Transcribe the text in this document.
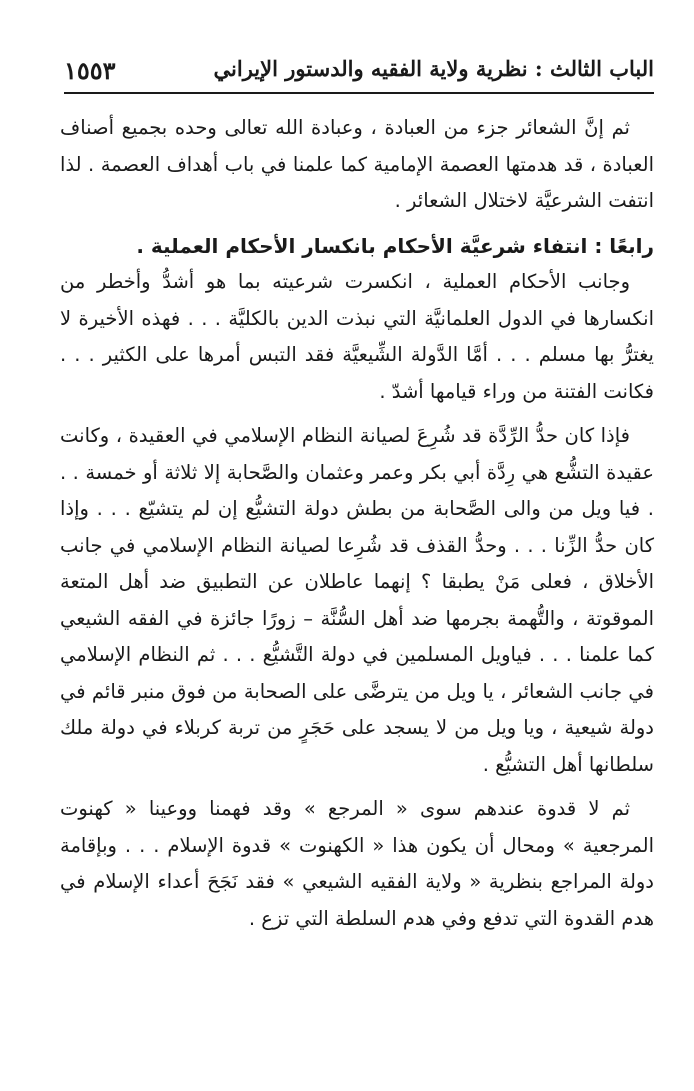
الباب الثالث : نظرية ولاية الفقيه والدستور الإيراني
١٥٥٣

ثم إنَّ الشعائر جزء من العبادة ، وعبادة الله تعالى وحده بجميع أصناف العبادة ، قد هدمتها العصمة الإمامية كما علمنا في باب أهداف العصمة . لذا انتفت الشرعيَّة لاختلال الشعائر .

رابعًا : انتفاء شرعيَّة الأحكام بانكسار الأحكام العملية .

وجانب الأحكام العملية ، انكسرت شرعيته بما هو أشدُّ وأخطر من انكسارها في الدول العلمانيَّة التي نبذت الدين بالكليَّة . . . فهذه الأخيرة لا يغترُّ بها مسلم . . . أمَّا الدَّولة الشِّيعيَّة فقد التبس أمرها على الكثير . . . فكانت الفتنة من وراء قيامها أشدّ .

فإذا كان حدُّ الرِّدَّة قد شُرِعَ لصيانة النظام الإسلامي في العقيدة ، وكانت عقيدة التشُّع هي رِدَّة أبي بكر وعمر وعثمان والصَّحابة إلا ثلاثة أو خمسة . . . فيا ويل من والى الصَّحابة من بطش دولة التشيُّع إن لم يتشيّع . . . وإذا كان حدُّ الزِّنا . . . وحدُّ القذف قد شُرِعا لصيانة النظام الإسلامي في جانب الأخلاق ، فعلى مَنْ يطبقا ؟ إنهما عاطلان عن التطبيق ضد أهل المتعة الموقوتة ، والتُّهمة بجرمها ضد أهل السُّنَّة – زورًا جائزة في الفقه الشيعي كما علمنا . . . فياويل المسلمين في دولة التَّشيُّع . . . ثم النظام الإسلامي في جانب الشعائر ، يا ويل من يترضَّى على الصحابة من فوق منبر قائم في دولة شيعية ، ويا ويل من لا يسجد على حَجَرٍ من تربة كربلاء في دولة ملك سلطانها أهل التشيُّع .

ثم لا قدوة عندهم سوى « المرجع » وقد فهمنا ووعينا « كهنوت المرجعية » ومحال أن يكون هذا « الكهنوت » قدوة الإسلام . . . وبإقامة دولة المراجع بنظرية « ولاية الفقيه الشيعي » فقد نَجَحَ أعداء الإسلام في هدم القدوة التي تدفع وفي هدم السلطة التي تزع .
